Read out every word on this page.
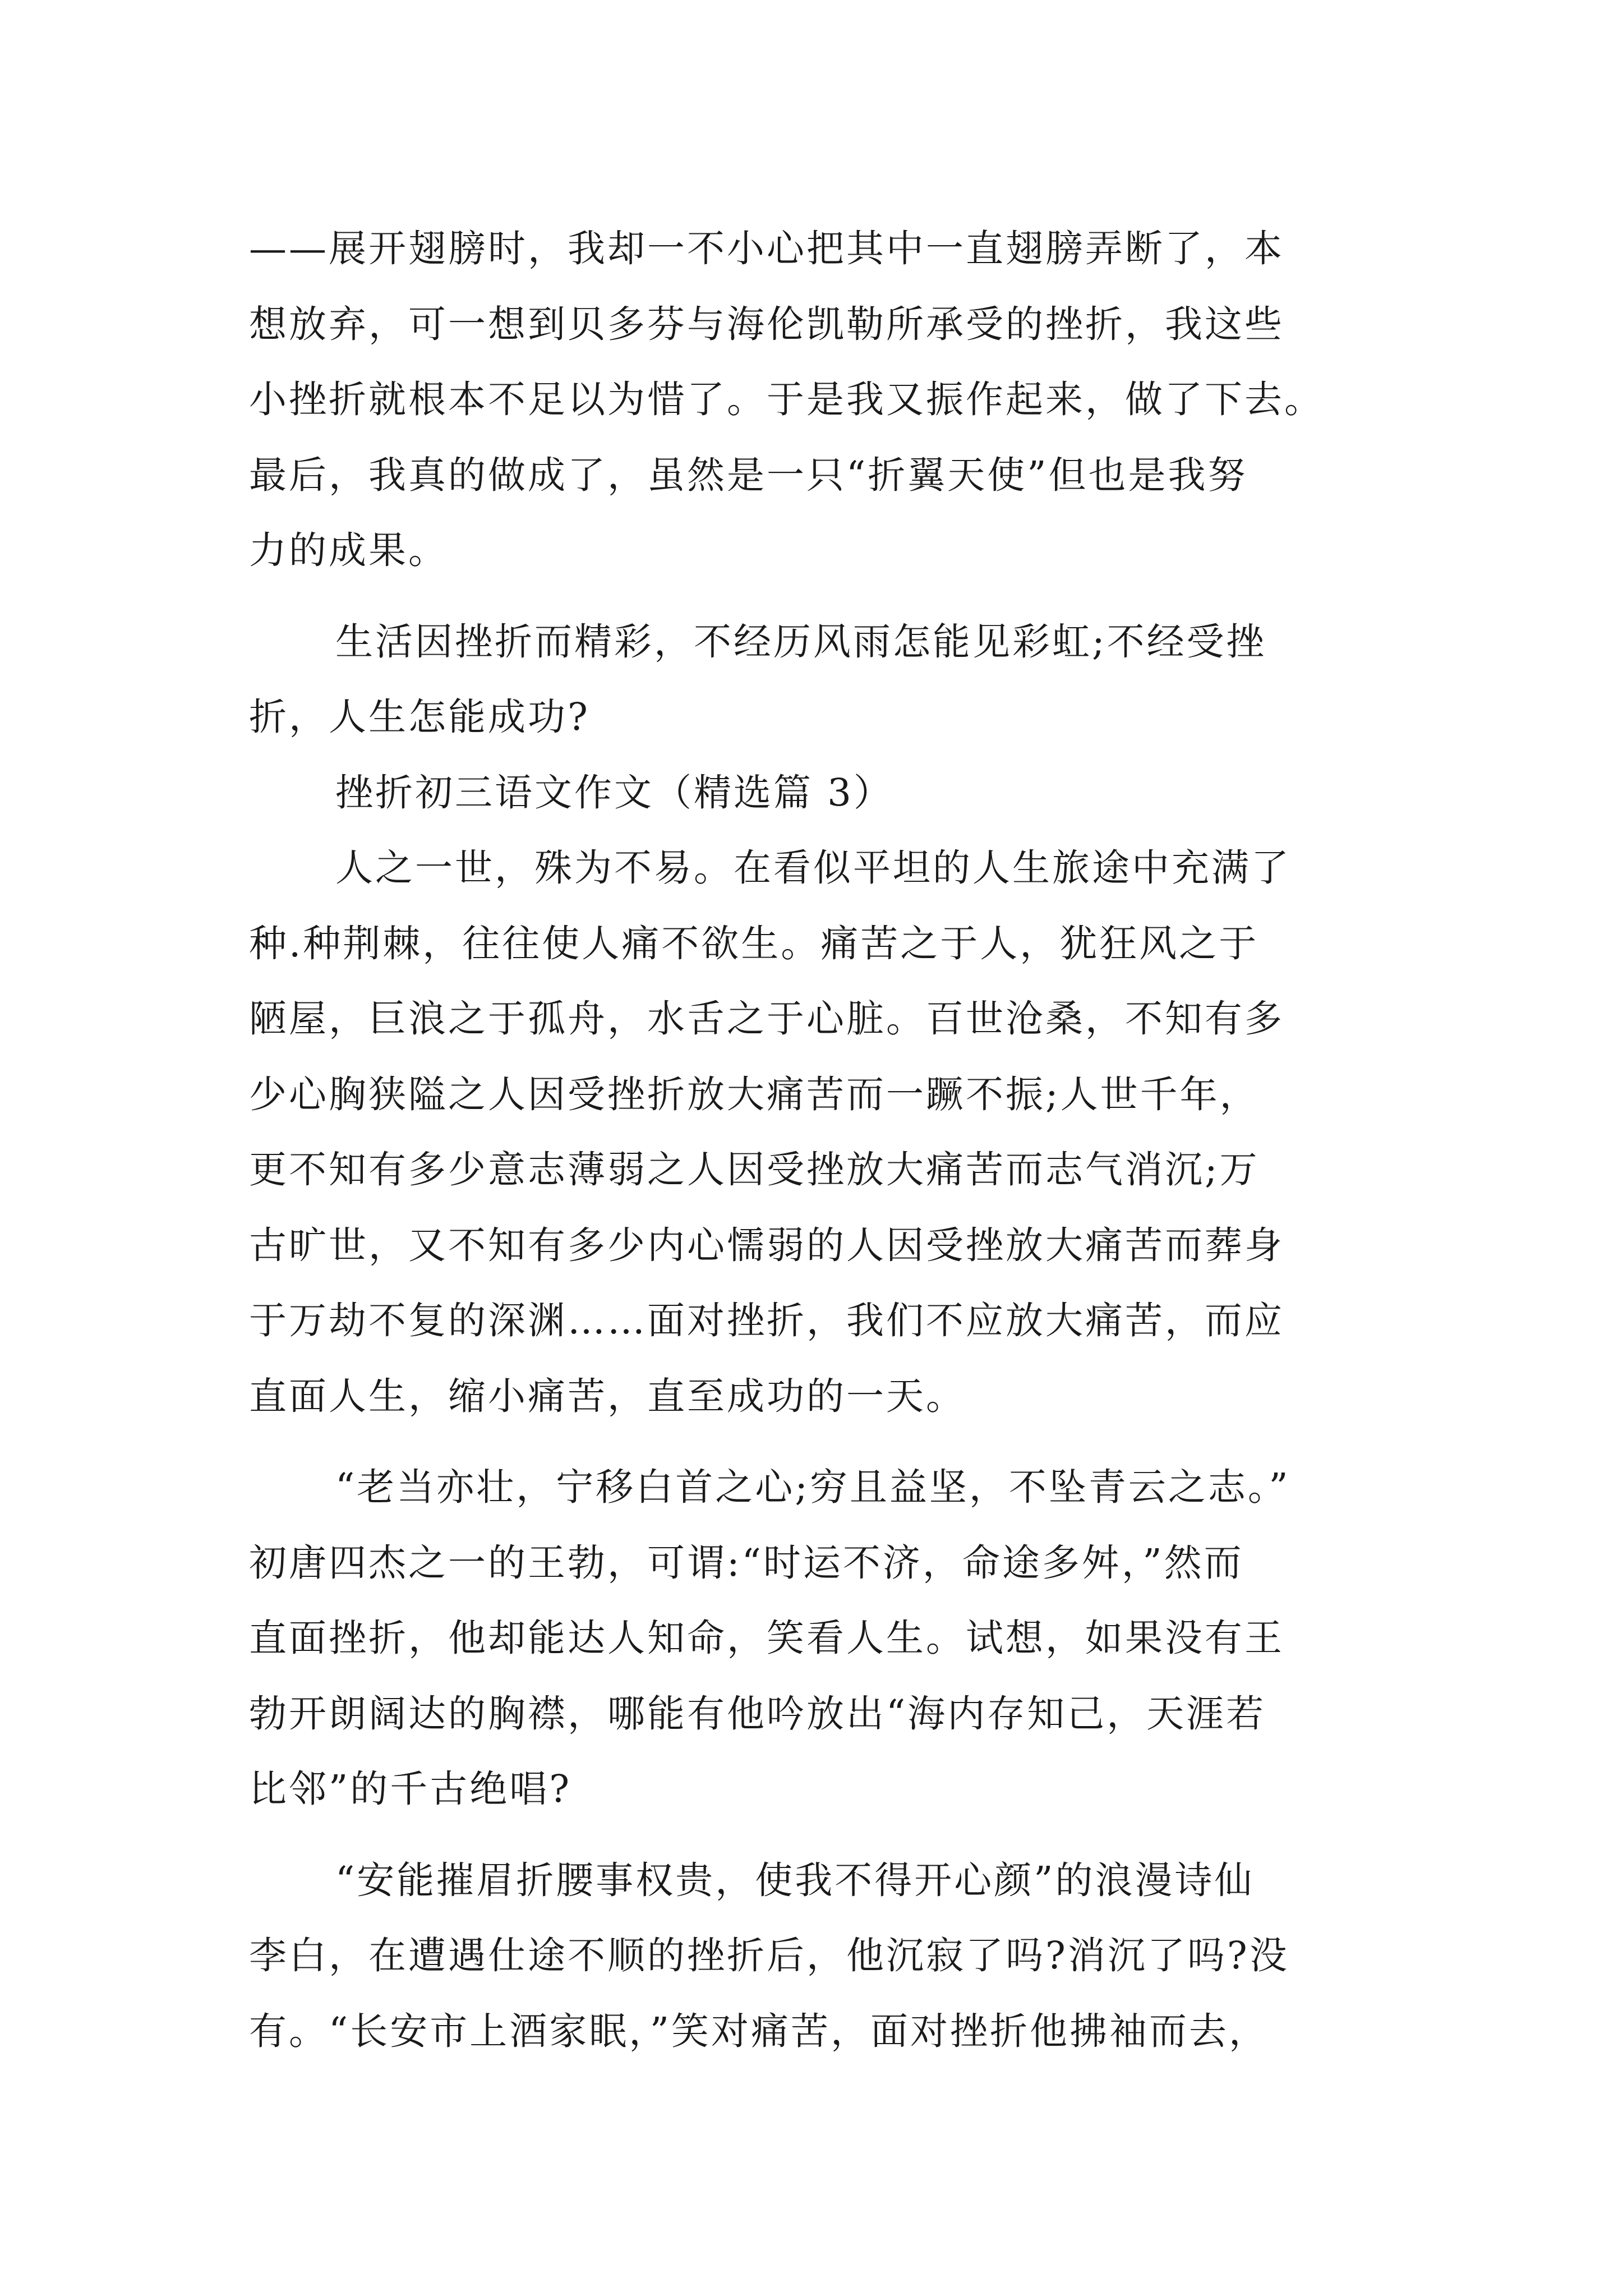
——展开翅膀时，我却一不小心把其中一直翅膀弄断了，本
想放弃，可一想到贝多芬与海伦凯勒所承受的挫折，我这些
小挫折就根本不足以为惜了。于是我又振作起来，做了下去。
最后，我真的做成了，虽然是一只“折翼天使”但也是我努
力的成果。
生活因挫折而精彩，不经历风雨怎能见彩虹;不经受挫
折，人生怎能成功?
挫折初三语文作文（精选篇 3）
人之一世，殊为不易。在看似平坦的人生旅途中充满了
种.种荆棘，往往使人痛不欲生。痛苦之于人，犹狂风之于
陋屋，巨浪之于孤舟，水舌之于心脏。百世沧桑，不知有多
少心胸狭隘之人因受挫折放大痛苦而一蹶不振;人世千年，
更不知有多少意志薄弱之人因受挫放大痛苦而志气消沉;万
古旷世，又不知有多少内心懦弱的人因受挫放大痛苦而葬身
于万劫不复的深渊……面对挫折，我们不应放大痛苦，而应
直面人生，缩小痛苦，直至成功的一天。
“老当亦壮，宁移白首之心;穷且益坚，不坠青云之志。”
初唐四杰之一的王勃，可谓:“时运不济，命途多舛，”然而
直面挫折，他却能达人知命，笑看人生。试想，如果没有王
勃开朗阔达的胸襟，哪能有他吟放出“海内存知己，天涯若
比邻”的千古绝唱?
“安能摧眉折腰事权贵，使我不得开心颜”的浪漫诗仙
李白，在遭遇仕途不顺的挫折后，他沉寂了吗?消沉了吗?没
有。“长安市上酒家眠，”笑对痛苦，面对挫折他拂袖而去，
